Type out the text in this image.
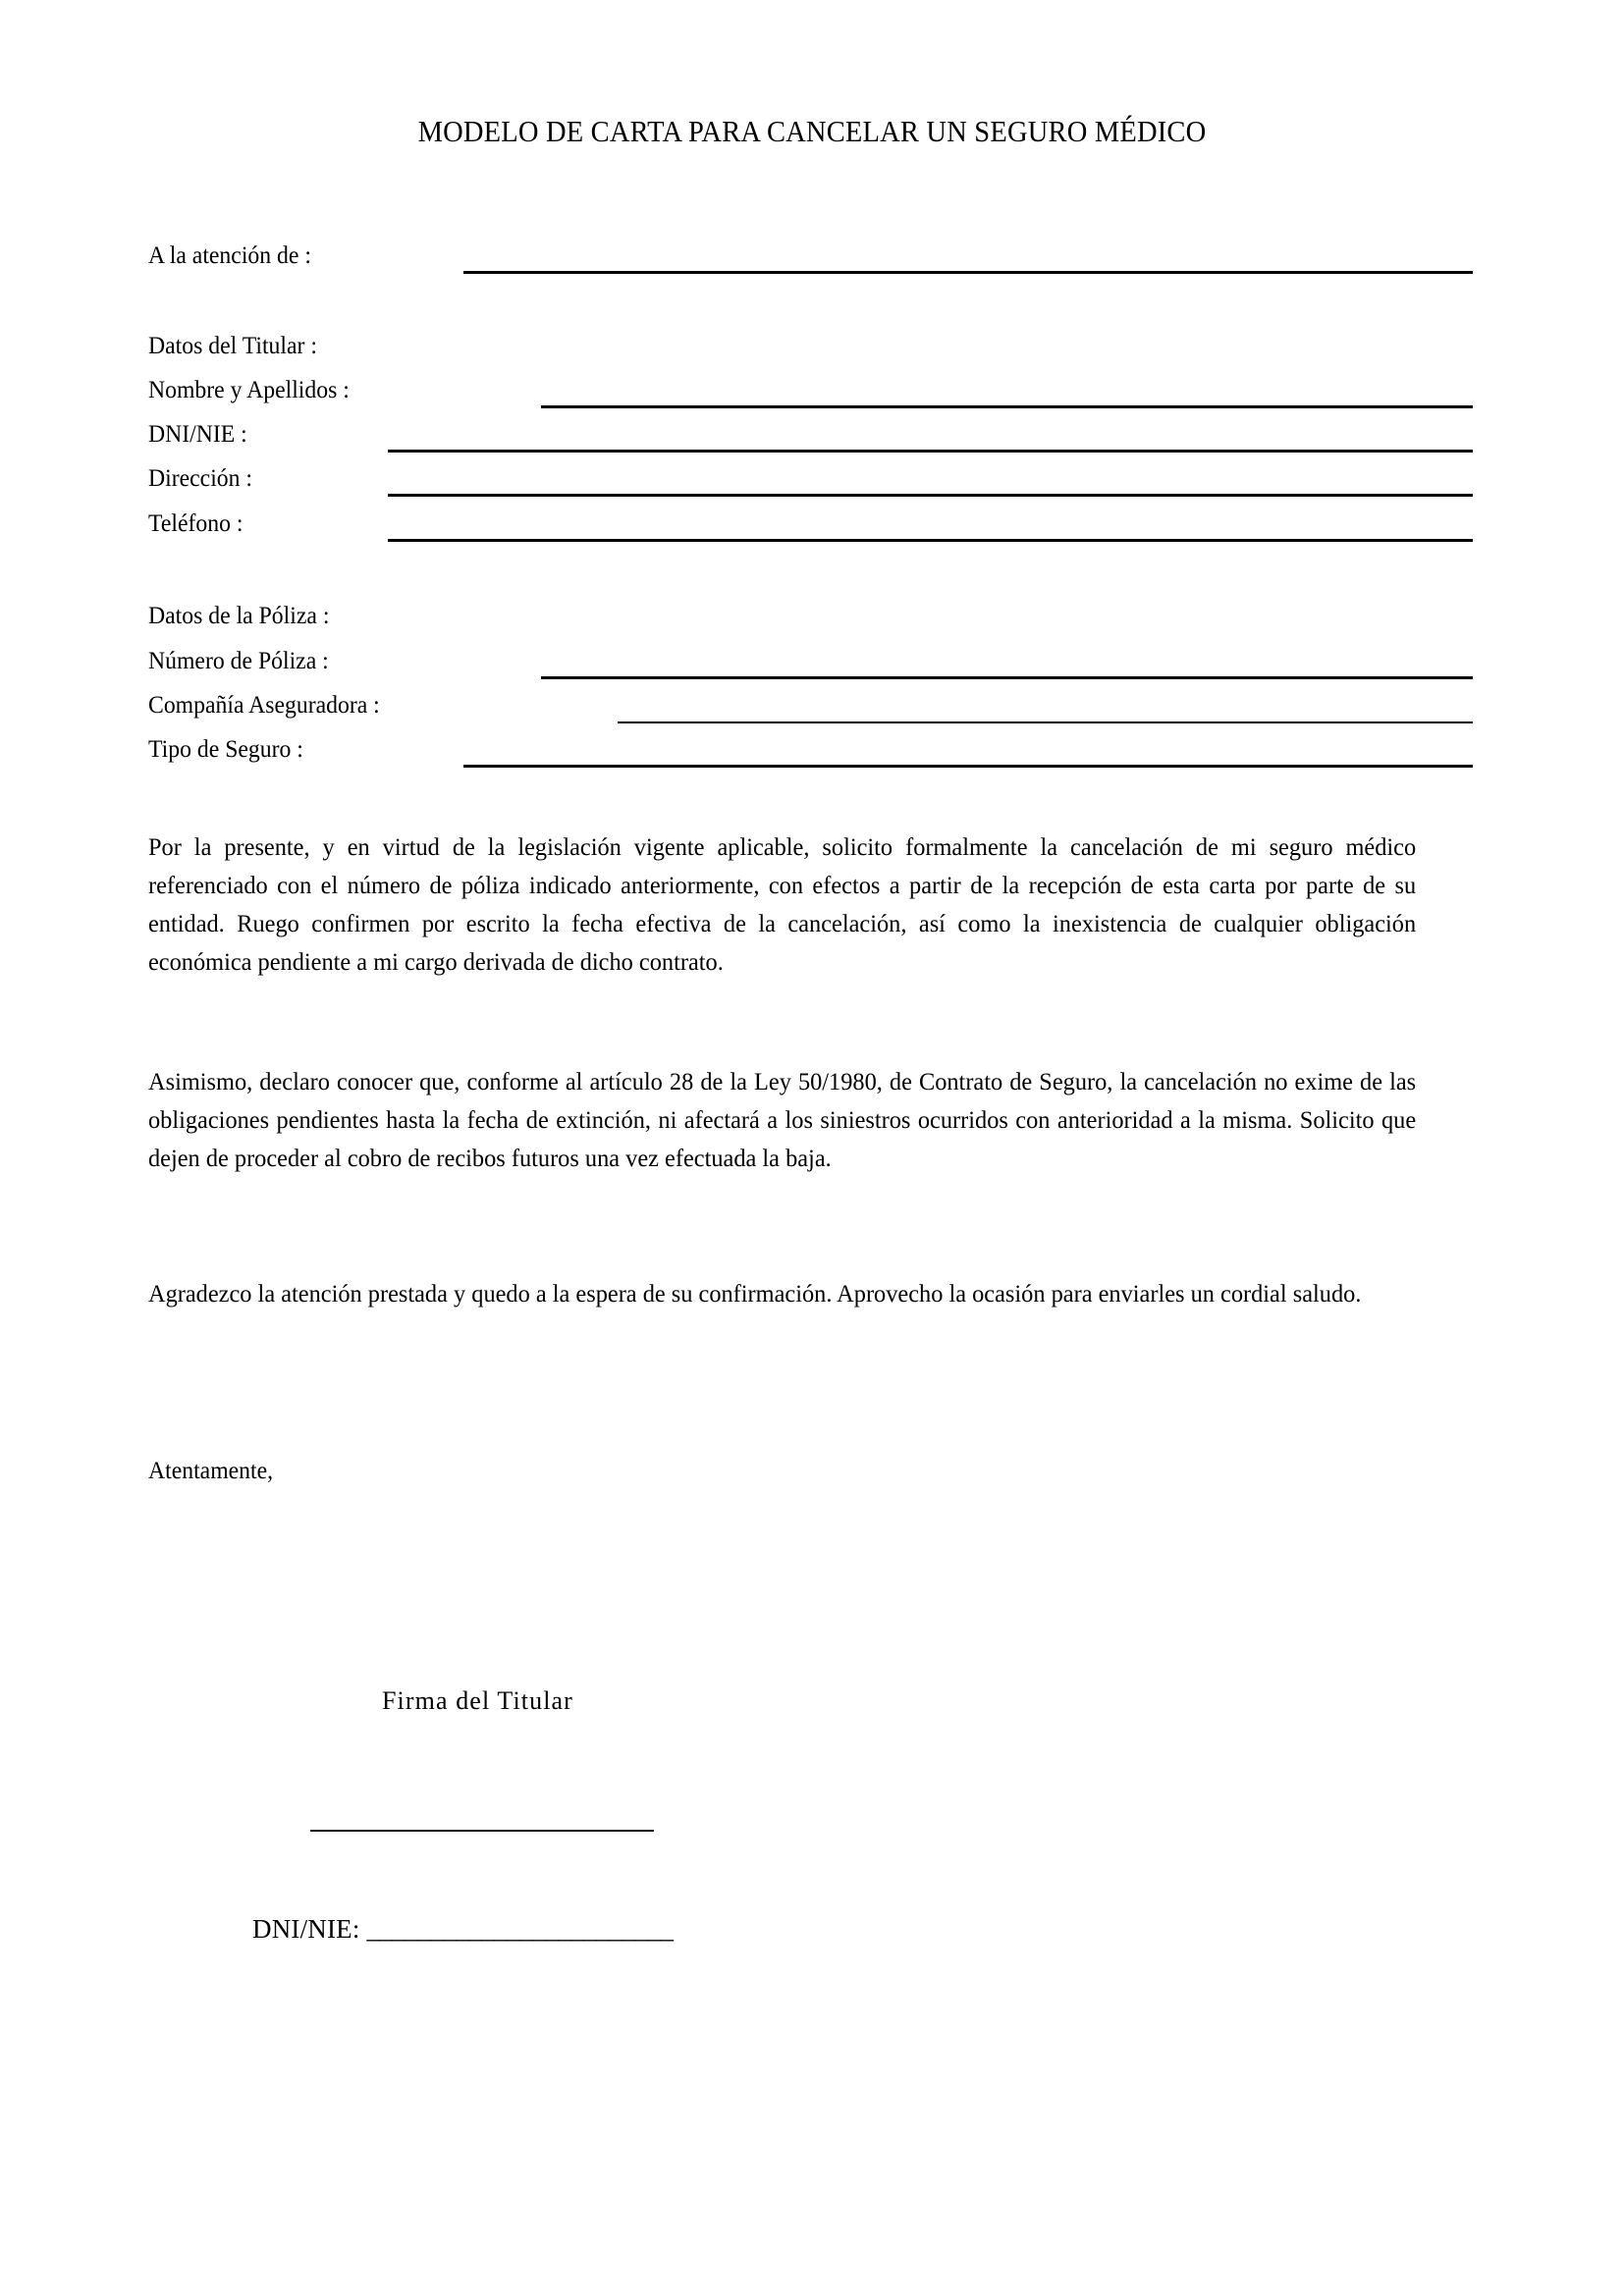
MODELO DE CARTA PARA CANCELAR UN SEGURO MÉDICO
A la atención de :
Datos del Titular :
Nombre y Apellidos :
DNI/NIE :
Dirección :
Teléfono :
Datos de la Póliza :
Número de Póliza :
Compañía Aseguradora :
Tipo de Seguro :
Por la presente, y en virtud de la legislación vigente aplicable, solicito formalmente la cancelación de mi seguro médico referenciado con el número de póliza indicado anteriormente, con efectos a partir de la recepción de esta carta por parte de su entidad. Ruego confirmen por escrito la fecha efectiva de la cancelación, así como la inexistencia de cualquier obligación económica pendiente a mi cargo derivada de dicho contrato.
Asimismo, declaro conocer que, conforme al artículo 28 de la Ley 50/1980, de Contrato de Seguro, la cancelación no exime de las obligaciones pendientes hasta la fecha de extinción, ni afectará a los siniestros ocurridos con anterioridad a la misma. Solicito que dejen de proceder al cobro de recibos futuros una vez efectuada la baja.
Agradezco la atención prestada y quedo a la espera de su confirmación. Aprovecho la ocasión para enviarles un cordial saludo.
Atentamente,
Firma del Titular
DNI/NIE: ________________________
